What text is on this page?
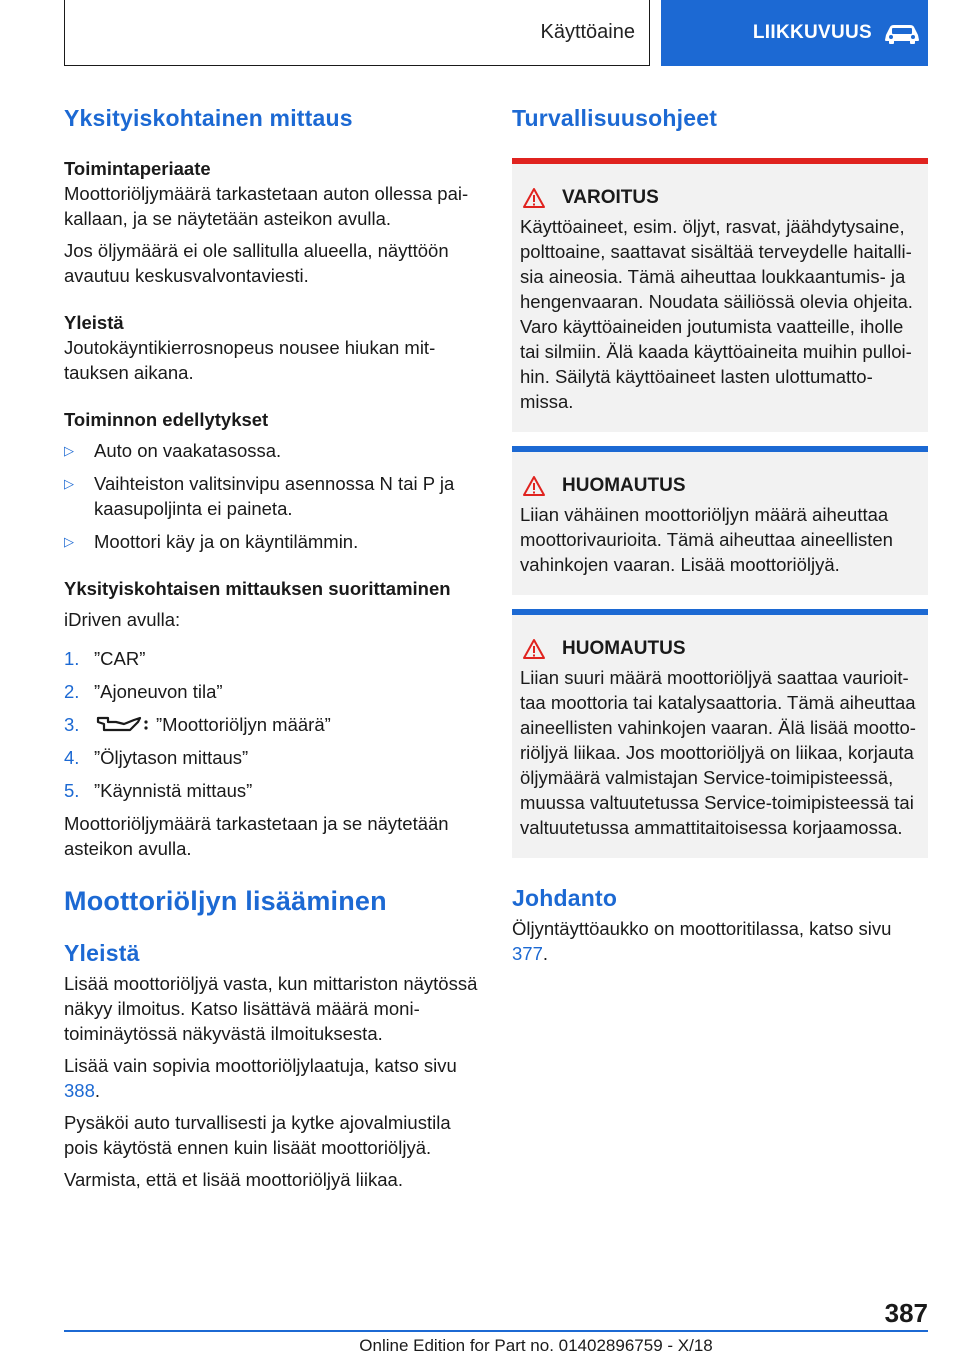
Käyttöaine	LIIKKUVUUS
Yksityiskohtainen mittaus
Toimintaperiaate

Moottoriöljymäärä tarkastetaan auton ollessa paikallaan, ja se näytetään asteikon avulla.

Jos öljymäärä ei ole sallitulla alueella, näyttöön avautuu keskusvalvontaviesti.

Yleistä

Joutokäyntikierrosnopeus nousee hiukan mittauksen aikana.

Toiminnon edellytykset
▷ Auto on vaakatasossa.
▷ Vaihteiston valitsinvipu asennossa N tai P ja kaasupoljinta ei paineta.
▷ Moottori käy ja on käyntilämmin.
Yksityiskohtaisen mittauksen suorittaminen

iDriven avulla:

1. ”CAR”
2. ”Ajoneuvon tila”
3.	”Moottoriöljyn määrä”
4. ”Öljytason mittaus”
5. ”Käynnistä mittaus”

Moottoriöljymäärä tarkastetaan ja se näytetään asteikon avulla.

Moottoriöljyn lisääminen
Yleistä

Lisää moottoriöljyä vasta, kun mittariston näytössä näkyy ilmoitus. Katso lisättävä määrä monitoiminäytössä näkyvästä ilmoituksesta.

Lisää vain sopivia moottoriöljylaatuja, katso sivu 388.

Pysäköi auto turvallisesti ja kytke ajovalmiustila pois käytöstä ennen kuin lisäät moottoriöljyä.

Varmista, että et lisää moottoriöljyä liikaa.

Turvallisuusohjeet
VAROITUS

Käyttöaineet, esim. öljyt, rasvat, jäähdytysaine, polttoaine, saattavat sisältää terveydelle haitallisia aineosia. Tämä aiheuttaa loukkaantumis- ja hengenvaaran. Noudata säiliössä olevia ohjeita. Varo käyttöaineiden joutumista vaatteille, iholle tai silmiin. Älä kaada käyttöaineita muihin pulloihin. Säilytä käyttöaineet lasten ulottumattomissa.

HUOMAUTUS

Liian vähäinen moottoriöljyn määrä aiheuttaa moottorivaurioita. Tämä aiheuttaa aineellisten vahinkojen vaaran. Lisää moottoriöljyä.

HUOMAUTUS

Liian suuri määrä moottoriöljyä saattaa vaurioittaa moottoria tai katalysaattoria. Tämä aiheuttaa aineellisten vahinkojen vaaran. Älä lisää moottoriöljyä liikaa. Jos moottoriöljyä on liikaa, korjauta öljymäärä valmistajan Service-toimipisteessä, muussa valtuutetussa Service-toimipisteessä tai valtuutetussa ammattitaitoisessa korjaamossa.

Johdanto

Öljyntäyttöaukko on moottoritilassa, katso sivu 377.

387
Online Edition for Part no. 01402896759 - X/18
